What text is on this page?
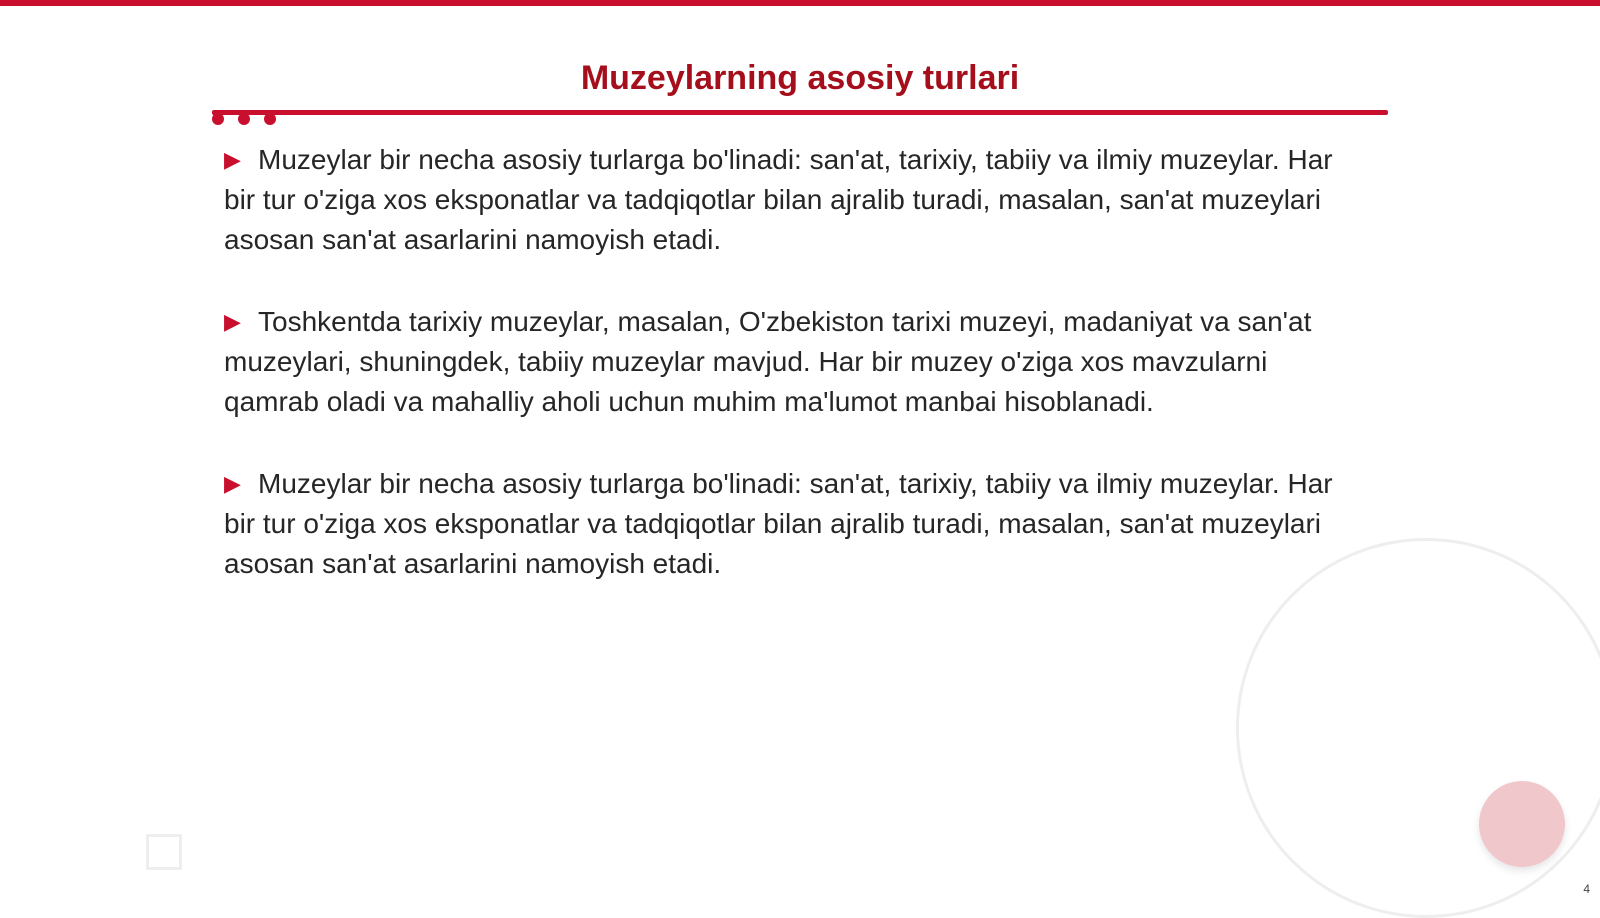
Muzeylarning asosiy turlari

▶ Muzeylar bir necha asosiy turlarga bo'linadi: san'at, tarixiy, tabiiy va ilmiy muzeylar. Har bir tur o'ziga xos eksponatlar va tadqiqotlar bilan ajralib turadi, masalan, san'at muzeylari asosan san'at asarlarini namoyish etadi.

▶ Toshkentda tarixiy muzeylar, masalan, O'zbekiston tarixi muzeyi, madaniyat va san'at muzeylari, shuningdek, tabiiy muzeylar mavjud. Har bir muzey o'ziga xos mavzularni qamrab oladi va mahalliy aholi uchun muhim ma'lumot manbai hisoblanadi.

▶ Muzeylar bir necha asosiy turlarga bo'linadi: san'at, tarixiy, tabiiy va ilmiy muzeylar. Har bir tur o'ziga xos eksponatlar va tadqiqotlar bilan ajralib turadi, masalan, san'at muzeylari asosan san'at asarlarini namoyish etadi.

4
